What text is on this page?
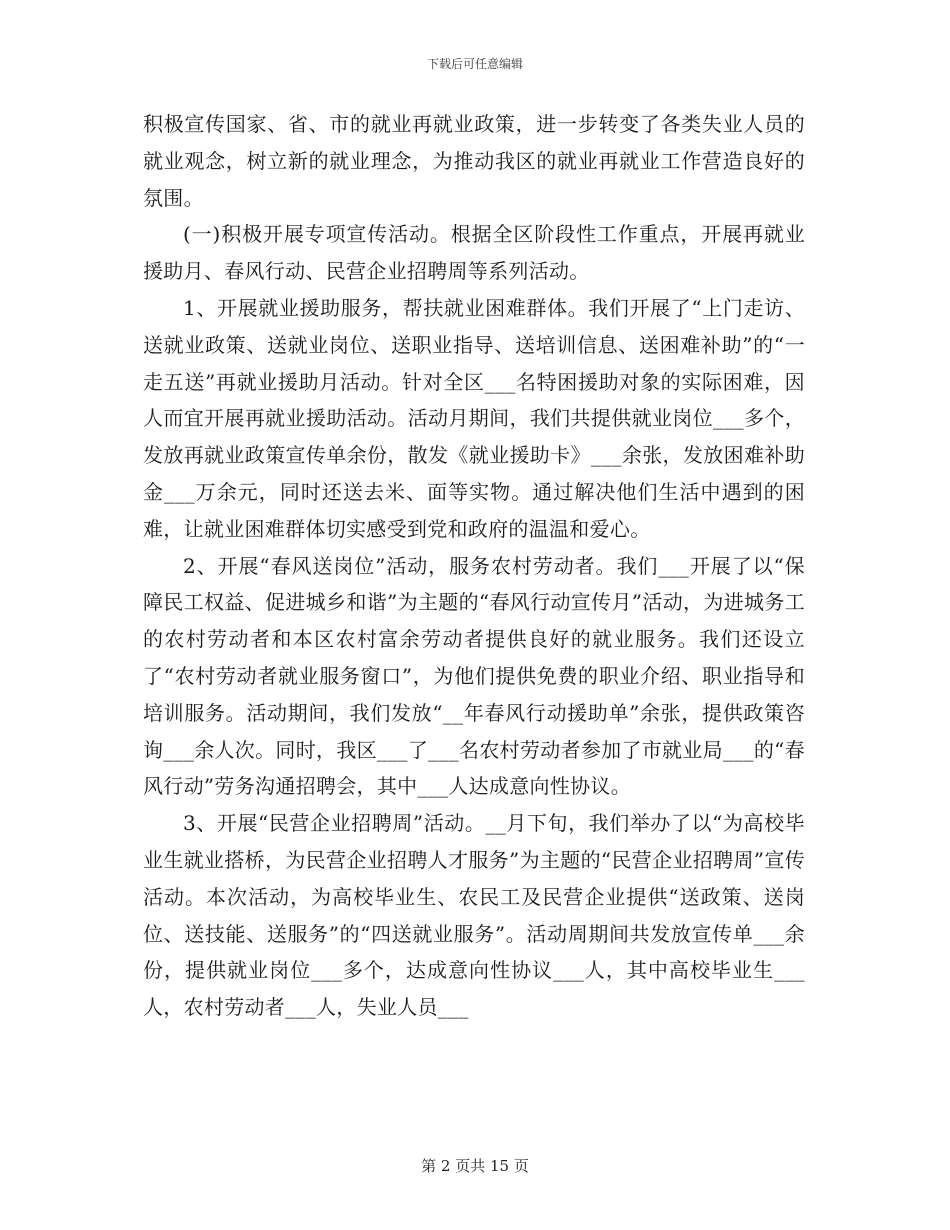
下载后可任意编辑

积极宣传国家、省、市的就业再就业政策，进一步转变了各类失业人员的就业观念，树立新的就业理念，为推动我区的就业再就业工作营造良好的氛围。

(一)积极开展专项宣传活动。根据全区阶段性工作重点，开展再就业援助月、春风行动、民营企业招聘周等系列活动。

1、开展就业援助服务，帮扶就业困难群体。我们开展了“上门走访、送就业政策、送就业岗位、送职业指导、送培训信息、送困难补助”的“一走五送”再就业援助月活动。针对全区___名特困援助对象的实际困难，因人而宜开展再就业援助活动。活动月期间，我们共提供就业岗位___多个，发放再就业政策宣传单余份，散发《就业援助卡》___余张，发放困难补助金___万余元，同时还送去米、面等实物。通过解决他们生活中遇到的困难，让就业困难群体切实感受到党和政府的温温和爱心。

2、开展“春风送岗位”活动，服务农村劳动者。我们___开展了以“保障民工权益、促进城乡和谐”为主题的“春风行动宣传月”活动，为进城务工的农村劳动者和本区农村富余劳动者提供良好的就业服务。我们还设立了“农村劳动者就业服务窗口”，为他们提供免费的职业介绍、职业指导和培训服务。活动期间，我们发放“__年春风行动援助单”余张，提供政策咨询___余人次。同时，我区___了___名农村劳动者参加了市就业局___的“春风行动”劳务沟通招聘会，其中___人达成意向性协议。

3、开展“民营企业招聘周”活动。__月下旬，我们举办了以“为高校毕业生就业搭桥，为民营企业招聘人才服务”为主题的“民营企业招聘周”宣传活动。本次活动，为高校毕业生、农民工及民营企业提供“送政策、送岗位、送技能、送服务”的“四送就业服务”。活动周期间共发放宣传单___余份，提供就业岗位___多个，达成意向性协议___人，其中高校毕业生___人，农村劳动者___人，失业人员___

第 2 页共 15 页
